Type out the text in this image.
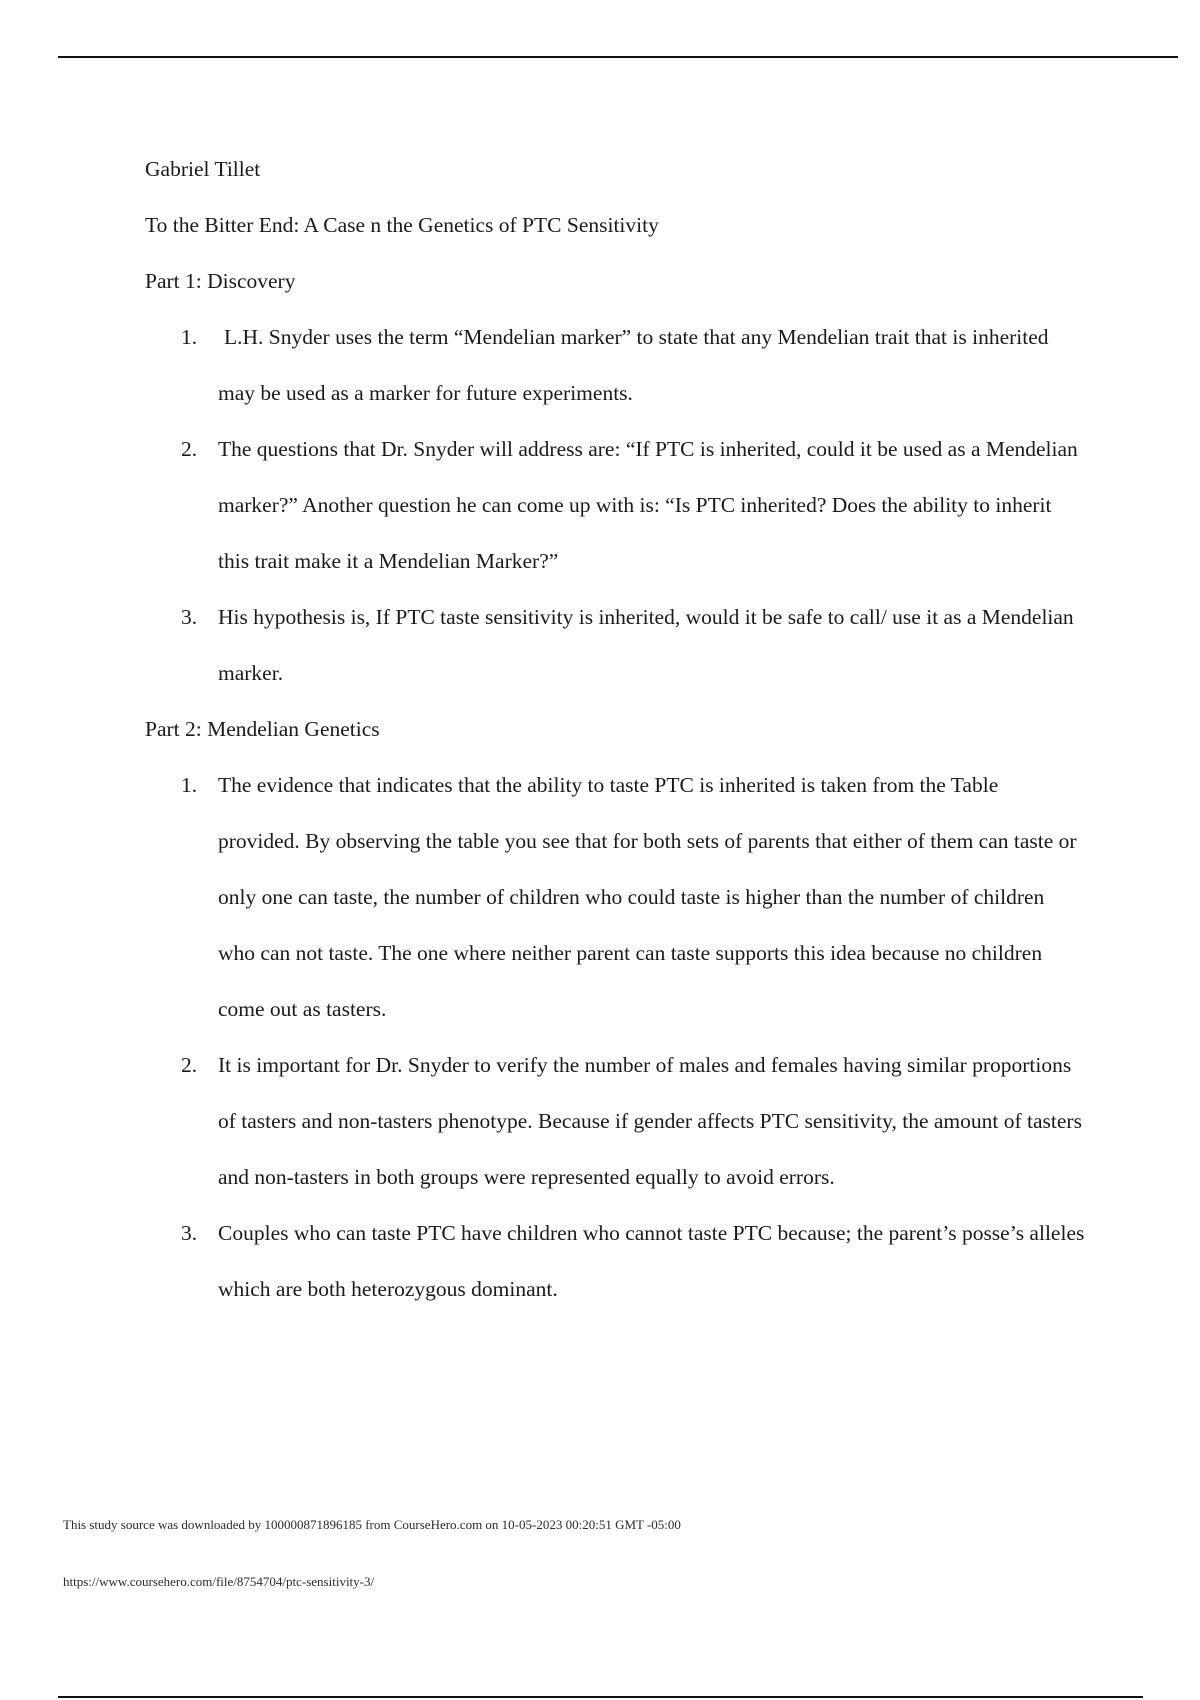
Gabriel Tillet

To the Bitter End: A Case n the Genetics of PTC Sensitivity

Part 1: Discovery

1. L.H. Snyder uses the term “Mendelian marker” to state that any Mendelian trait that is inherited may be used as a marker for future experiments.
2. The questions that Dr. Snyder will address are: “If PTC is inherited, could it be used as a Mendelian marker?” Another question he can come up with is: “Is PTC inherited? Does the ability to inherit this trait make it a Mendelian Marker?”
3. His hypothesis is, If PTC taste sensitivity is inherited, would it be safe to call/ use it as a Mendelian marker.

Part 2: Mendelian Genetics

1. The evidence that indicates that the ability to taste PTC is inherited is taken from the Table provided. By observing the table you see that for both sets of parents that either of them can taste or only one can taste, the number of children who could taste is higher than the number of children who can not taste. The one where neither parent can taste supports this idea because no children come out as tasters.
2. It is important for Dr. Snyder to verify the number of males and females having similar proportions of tasters and non-tasters phenotype. Because if gender affects PTC sensitivity, the amount of tasters and non-tasters in both groups were represented equally to avoid errors.
3. Couples who can taste PTC have children who cannot taste PTC because; the parent’s posse’s alleles which are both heterozygous dominant.
This study source was downloaded by 100000871896185 from CourseHero.com on 10-05-2023 00:20:51 GMT -05:00
https://www.coursehero.com/file/8754704/ptc-sensitivity-3/
